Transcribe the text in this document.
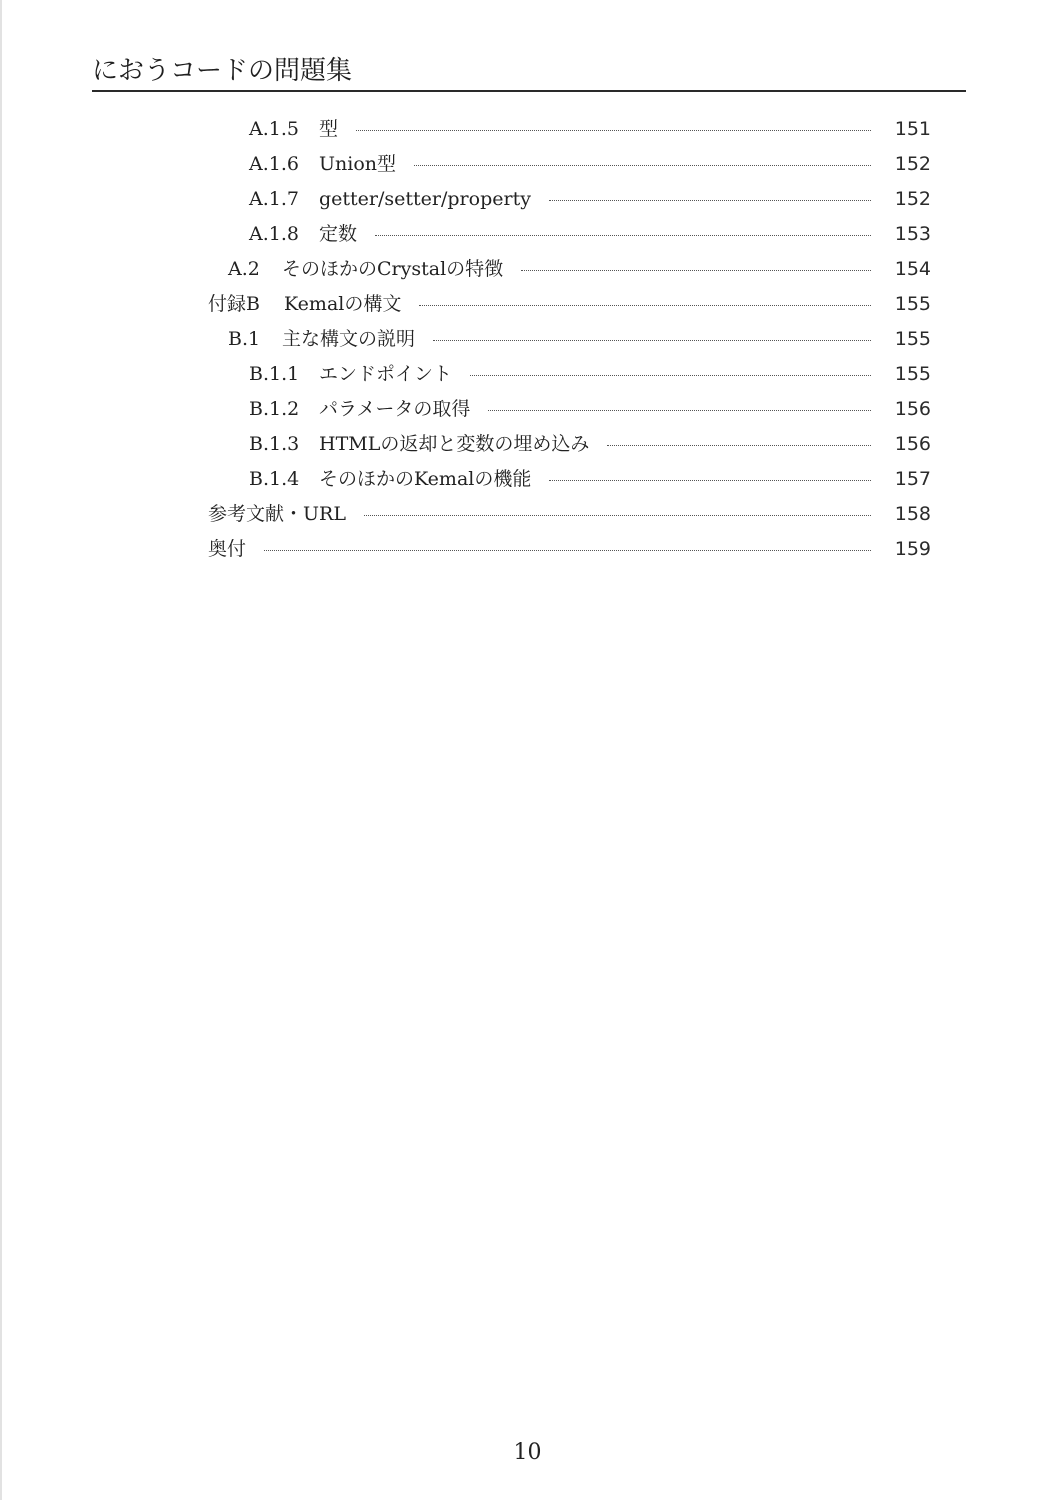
におうコードの問題集
A.1.5	型	151
A.1.6	Union型	152
A.1.7	getter/setter/property	152
A.1.8	定数	153
A.2	そのほかのCrystalの特徴	154
付録B	Kemalの構文	155
B.1	主な構文の説明	155
B.1.1	エンドポイント	155
B.1.2	パラメータの取得	156
B.1.3	HTMLの返却と変数の埋め込み	156
B.1.4	そのほかのKemalの機能	157
参考文献・URL	158
奥付	159
10
